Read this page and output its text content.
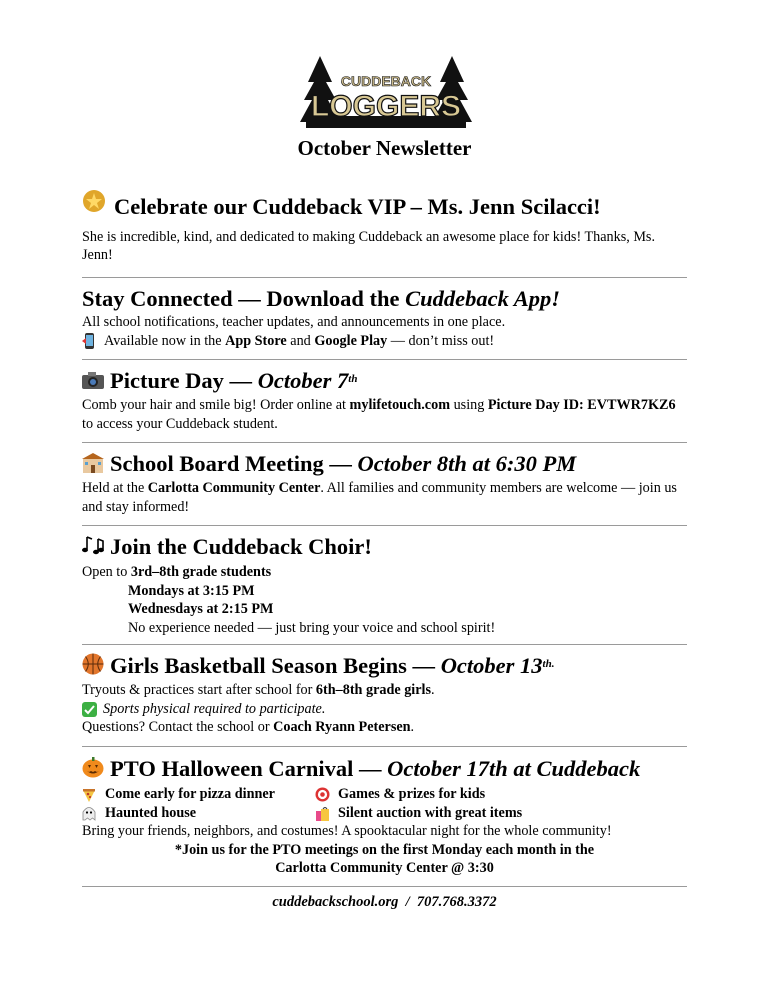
CUDDEBACK
LOGGERS
October Newsletter
Celebrate our Cuddeback VIP – Ms. Jenn Scilacci!
She is incredible, kind, and dedicated to making Cuddeback an awesome place for kids! Thanks, Ms. Jenn!
Stay Connected — Download the Cuddeback App!
All school notifications, teacher updates, and announcements in one place.
Available now in the App Store and Google Play — don’t miss out!
Picture Day — October 7th
Comb your hair and smile big! Order online at mylifetouch.com using Picture Day ID: EVTWR7KZ6 to access your Cuddeback student.
School Board Meeting — October 8th at 6:30 PM
Held at the Carlotta Community Center. All families and community members are welcome — join us and stay informed!
Join the Cuddeback Choir!
Open to 3rd–8th grade students
Mondays at 3:15 PM
Wednesdays at 2:15 PM
No experience needed — just bring your voice and school spirit!
Girls Basketball Season Begins — October $13^{th.}$
Tryouts & practices start after school for 6th–8th grade girls.
Sports physical required to participate.
Questions? Contact the school or Coach Ryann Petersen.
PTO Halloween Carnival — October 17th at Cuddeback
Come early for pizza dinner	Games & prizes for kids
Haunted house	Silent auction with great items
Bring your friends, neighbors, and costumes! A spooktacular night for the whole community!
*Join us for the PTO meetings on the first Monday each month in the
Carlotta Community Center @ 3:30
cuddebackschool.org  /  707.768.3372
